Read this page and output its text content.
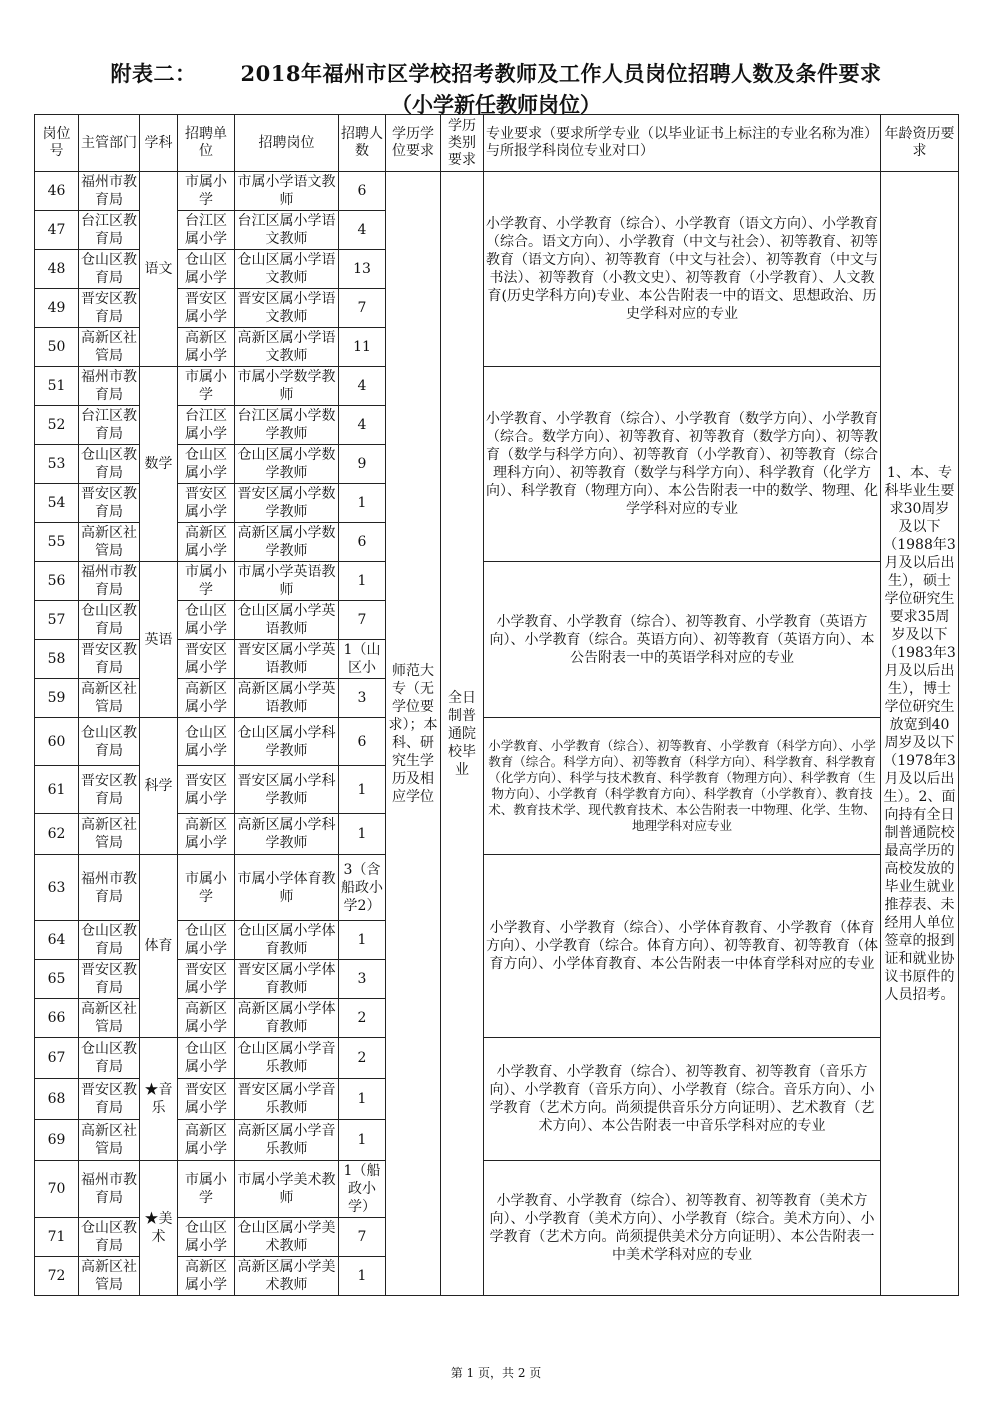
附表二： 2018年福州市区学校招考教师及工作人员岗位招聘人数及条件要求
（小学新任教师岗位）
岗位号	主管部门	学科	招聘单位	招聘岗位	招聘人数	学历学位要求	学历类别要求	专业要求（要求所学专业（以毕业证书上标注的专业名称为准）与所报学科岗位专业对口）	年龄资历要求
46	福州市教育局	语文	市属小学	市属小学语文教师	6	师范大专（无学位要求）；本科、研究生学历及相应学位	全日制普通院校毕业	小学教育、小学教育（综合）、小学教育（语文方向）、小学教育（综合。语文方向）、小学教育（中文与社会）、初等教育、初等教育（语文方向）、初等教育（中文与社会）、初等教育（中文与书法）、初等教育（小教文史）、初等教育（小学教育）、人文教育(历史学科方向)专业、本公告附表一中的语文、思想政治、历史学科对应的专业	1、本、专科毕业生要求30周岁及以下（1988年3月及以后出生），硕士学位研究生要求35周岁及以下（1983年3月及以后出生），博士学位研究生放宽到40周岁及以下（1978年3月及以后出生）。2、面向持有全日制普通院校最高学历的高校发放的毕业生就业推荐表、未经用人单位签章的报到证和就业协议书原件的人员招考。
47	台江区教育局		台江区属小学	台江区属小学语文教师	4				
48	仓山区教育局		仓山区属小学	仓山区属小学语文教师	13				
49	晋安区教育局		晋安区属小学	晋安区属小学语文教师	7				
50	高新区社管局		高新区属小学	高新区属小学语文教师	11				
51	福州市教育局	数学	市属小学	市属小学数学教师	4			小学教育、小学教育（综合）、小学教育（数学方向）、小学教育（综合。数学方向）、初等教育、初等教育（数学方向）、初等教育（数学与科学方向）、初等教育（小学教育）、初等教育（综合理科方向）、初等教育（数学与科学方向）、科学教育（化学方向）、科学教育（物理方向）、本公告附表一中的数学、物理、化学学科对应的专业	
52	台江区教育局		台江区属小学	台江区属小学数学教师	4				
53	仓山区教育局		仓山区属小学	仓山区属小学数学教师	9				
54	晋安区教育局		晋安区属小学	晋安区属小学数学教师	1				
55	高新区社管局		高新区属小学	高新区属小学数学教师	6				
56	福州市教育局	英语	市属小学	市属小学英语教师	1			小学教育、小学教育（综合）、初等教育、小学教育（英语方向）、小学教育（综合。英语方向）、初等教育（英语方向）、本公告附表一中的英语学科对应的专业	
57	仓山区教育局		仓山区属小学	仓山区属小学英语教师	7				
58	晋安区教育局		晋安区属小学	晋安区属小学英语教师	1（山区小				
59	高新区社管局		高新区属小学	高新区属小学英语教师	3				
60	仓山区教育局	科学	仓山区属小学	仓山区属小学科学教师	6			小学教育、小学教育（综合）、初等教育、小学教育（科学方向）、小学教育（综合。科学方向）、初等教育（科学方向）、科学教育、科学教育（化学方向）、科学与技术教育、科学教育（物理方向）、科学教育（生物方向）、小学教育（科学教育方向）、科学教育（小学教育）、教育技术、教育技术学、现代教育技术、本公告附表一中物理、化学、生物、地理学科对应专业	
61	晋安区教育局		晋安区属小学	晋安区属小学科学教师	1				
62	高新区社管局		高新区属小学	高新区属小学科学教师	1				
63	福州市教育局	体育	市属小学	市属小学体育教师	3（含船政小学2）			小学教育、小学教育（综合）、小学体育教育、小学教育（体育方向）、小学教育（综合。体育方向）、初等教育、初等教育（体育方向）、小学体育教育、本公告附表一中体育学科对应的专业	
64	仓山区教育局		仓山区属小学	仓山区属小学体育教师	1				
65	晋安区教育局		晋安区属小学	晋安区属小学体育教师	3				
66	高新区社管局		高新区属小学	高新区属小学体育教师	2				
67	仓山区教育局	★音乐	仓山区属小学	仓山区属小学音乐教师	2			小学教育、小学教育（综合）、初等教育、初等教育（音乐方向）、小学教育（音乐方向）、小学教育（综合。音乐方向）、小学教育（艺术方向。尚须提供音乐分方向证明）、艺术教育（艺术方向）、本公告附表一中音乐学科对应的专业	
68	晋安区教育局		晋安区属小学	晋安区属小学音乐教师	1				
69	高新区社管局		高新区属小学	高新区属小学音乐教师	1				
70	福州市教育局	★美术	市属小学	市属小学美术教师	1（船政小学）			小学教育、小学教育（综合）、初等教育、初等教育（美术方向）、小学教育（美术方向）、小学教育（综合。美术方向）、小学教育（艺术方向。尚须提供美术分方向证明）、本公告附表一中美术学科对应的专业	
71	仓山区教育局		仓山区属小学	仓山区属小学美术教师	7				
72	高新区社管局		高新区属小学	高新区属小学美术教师	1				
第 1 页，共 2 页
